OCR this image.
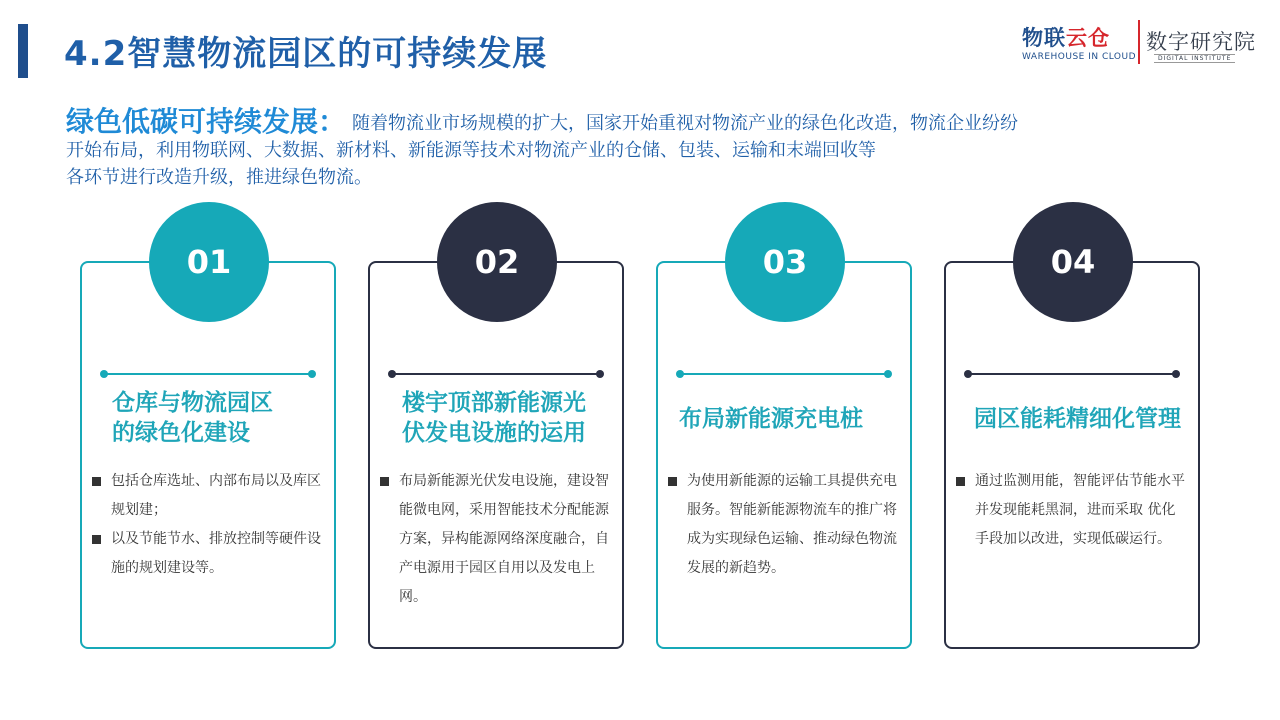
4.2智慧物流园区的可持续发展	物联云仓
WAREHOUSE IN CLOUD
数字研究院
DIGITAL INSTITUTE
绿色低碳可持续发展： 随着物流业市场规模的扩大，国家开始重视对物流产业的绿色化改造，物流企业纷纷
开始布局，利用物联网、大数据、新材料、新能源等技术对物流产业的仓储、包装、运输和末端回收等
各环节进行改造升级，推进绿色物流。
01
仓库与物流园区
的绿色化建设
包括仓库选址、内部布局以及库区规划建；
以及节能节水、排放控制等硬件设施的规划建设等。
02
楼宇顶部新能源光
伏发电设施的运用
布局新能源光伏发电设施，建设智能微电网，采用智能技术分配能源方案，异构能源网络深度融合，自产电源用于园区自用以及发电上网。
03
布局新能源充电桩
为使用新能源的运输工具提供充电服务。智能新能源物流车的推广将成为实现绿色运输、推动绿色物流发展的新趋势。
04
园区能耗精细化管理
通过监测用能，智能评估节能水平并发现能耗黑洞，进而采取 优化手段加以改进，实现低碳运行。
